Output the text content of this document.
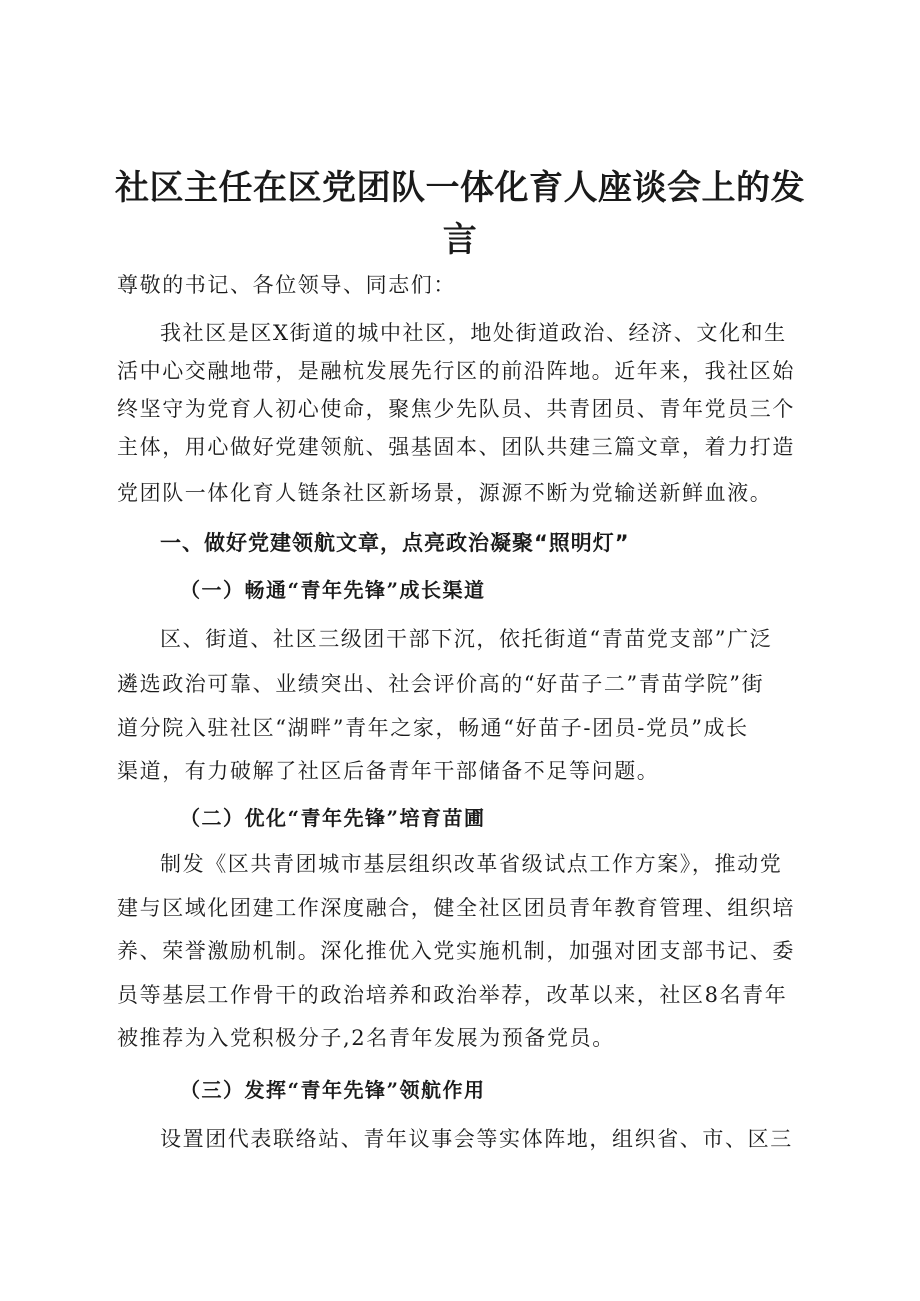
社区主任在区党团队一体化育人座谈会上的发
言
尊敬的书记、各位领导、同志们：
我社区是区X街道的城中社区，地处街道政治、经济、文化和生
活中心交融地带，是融杭发展先行区的前沿阵地。近年来，我社区始
终坚守为党育人初心使命，聚焦少先队员、共青团员、青年党员三个
主体，用心做好党建领航、强基固本、团队共建三篇文章，着力打造
党团队一体化育人链条社区新场景，源源不断为党输送新鲜血液。
一、做好党建领航文章，点亮政治凝聚“照明灯”
（一）畅通“青年先锋”成长渠道
区、街道、社区三级团干部下沉，依托街道“青苗党支部”广泛
遴选政治可靠、业绩突出、社会评价高的“好苗子二”青苗学院”街
道分院入驻社区“湖畔”青年之家，畅通“好苗子-团员-党员”成长
渠道，有力破解了社区后备青年干部储备不足等问题。
（二）优化“青年先锋”培育苗圃
制发《区共青团城市基层组织改革省级试点工作方案》，推动党
建与区域化团建工作深度融合，健全社区团员青年教育管理、组织培
养、荣誉激励机制。深化推优入党实施机制，加强对团支部书记、委
员等基层工作骨干的政治培养和政治举荐，改革以来，社区8名青年
被推荐为入党积极分子,2名青年发展为预备党员。
（三）发挥“青年先锋”领航作用
设置团代表联络站、青年议事会等实体阵地，组织省、市、区三
